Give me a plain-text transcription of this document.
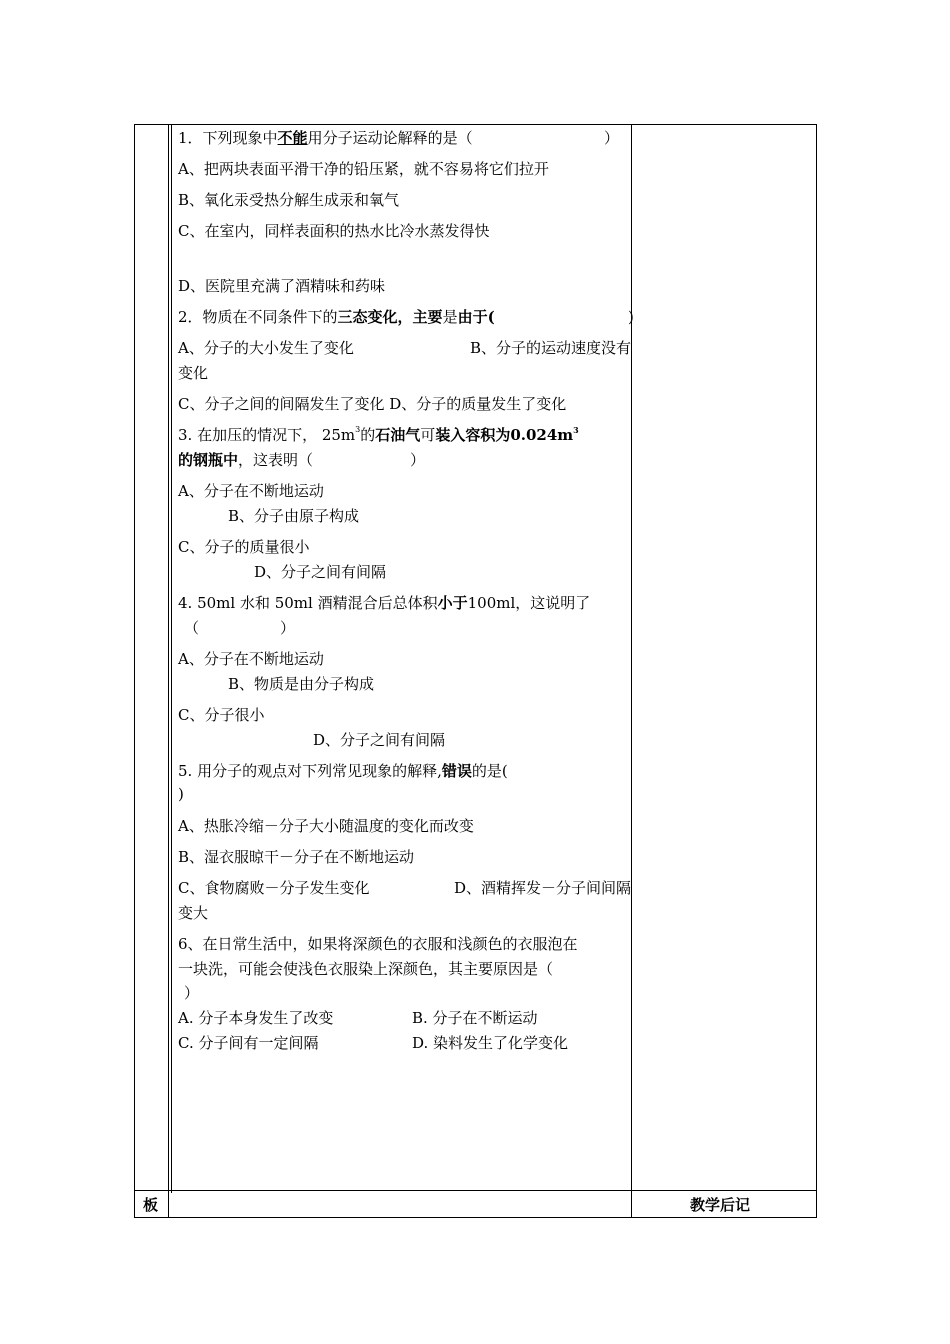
1．下列现象中不能用分子运动论解释的是（	）
A、把两块表面平滑干净的铅压紧，就不容易将它们拉开
B、氧化汞受热分解生成汞和氧气
C、在室内，同样表面积的热水比冷水蒸发得快
D、医院里充满了酒精味和药味
2．物质在不同条件下的三态变化，主要是由于(	)
A、分子的大小发生了变化	B、分子的运动速度没有
变化
C、分子之间的间隔发生了变化 D、分子的质量发生了变化
3. 在加压的情况下， $25m^3$的石油气可装入容积为$0.024m^3$
的钢瓶中，这表明（	）
A、分子在不断地运动
B、分子由原子构成
C、分子的质量很小
D、分子之间有间隔
4. 50ml 水和 50ml 酒精混合后总体积小于100ml，这说明了
（	）
A、分子在不断地运动
B、物质是由分子构成
C、分子很小
D、分子之间有间隔
5. 用分子的观点对下列常见现象的解释,错误的是(
)
A、热胀冷缩－分子大小随温度的变化而改变
B、湿衣服晾干－分子在不断地运动
C、食物腐败－分子发生变化	D、酒精挥发－分子间间隔
变大
6、在日常生活中，如果将深颜色的衣服和浅颜色的衣服泡在
一块洗，可能会使浅色衣服染上深颜色，其主要原因是（
）
A. 分子本身发生了改变	B. 分子在不断运动
C. 分子间有一定间隔	D. 染料发生了化学变化
板	教学后记
